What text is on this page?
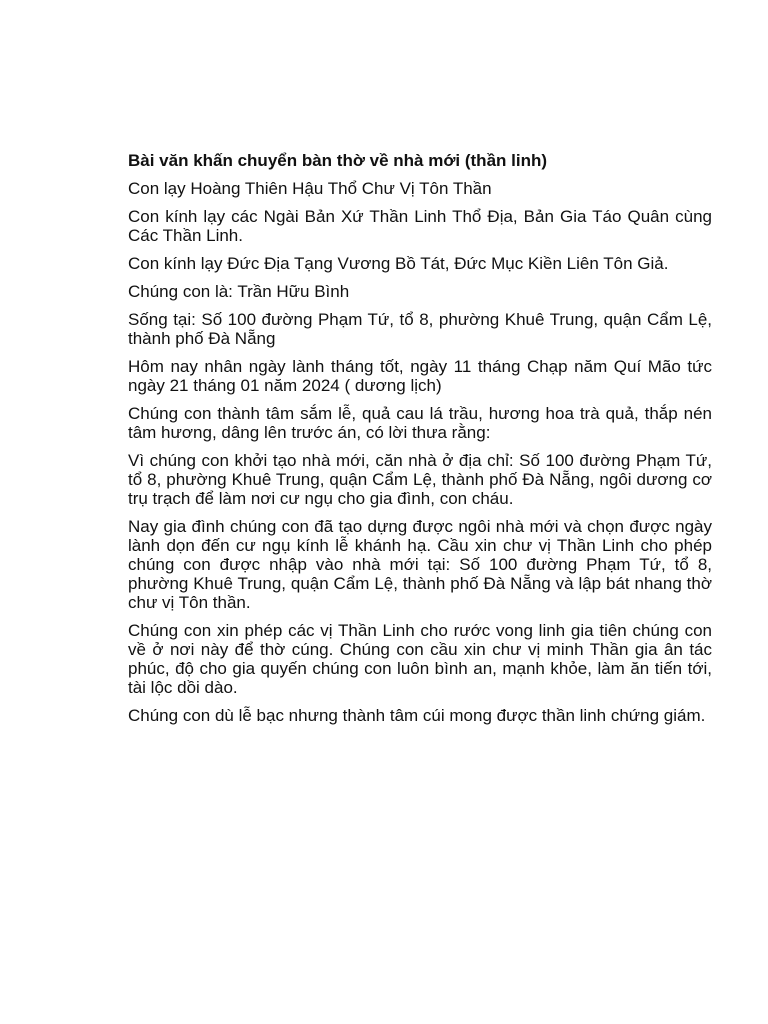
Bài văn khấn chuyển bàn thờ về nhà mới (thần linh)

Con lạy Hoàng Thiên Hậu Thổ Chư Vị Tôn Thần

Con kính lạy các Ngài Bản Xứ Thần Linh Thổ Địa, Bản Gia Táo Quân cùng Các Thần Linh.

Con kính lạy Đức Địa Tạng Vương Bồ Tát, Đức Mục Kiền Liên Tôn Giả.

Chúng con là: Trần Hữu Bình

Sống tại: Số 100 đường Phạm Tứ, tổ 8, phường Khuê Trung, quận Cẩm Lệ, thành phố Đà Nẵng

Hôm nay nhân ngày lành tháng tốt, ngày 11 tháng Chạp năm Quí Mão tức ngày 21 tháng 01 năm 2024 ( dương lịch)

Chúng con thành tâm sắm lễ, quả cau lá trầu, hương hoa trà quả, thắp nén tâm hương, dâng lên trước án, có lời thưa rằng:

Vì chúng con khởi tạo nhà mới, căn nhà ở địa chỉ: Số 100 đường Phạm Tứ, tổ 8, phường Khuê Trung, quận Cẩm Lệ, thành phố Đà Nẵng, ngôi dương cơ trụ trạch để làm nơi cư ngụ cho gia đình, con cháu.

Nay gia đình chúng con đã tạo dựng được ngôi nhà mới và chọn được ngày lành dọn đến cư ngụ kính lễ khánh hạ. Cầu xin chư vị Thần Linh cho phép chúng con được nhập vào nhà mới tại: Số 100 đường Phạm Tứ, tổ 8, phường Khuê Trung, quận Cẩm Lệ, thành phố Đà Nẵng và lập bát nhang thờ chư vị Tôn thần.

Chúng con xin phép các vị Thần Linh cho rước vong linh gia tiên chúng con về ở nơi này để thờ cúng. Chúng con cầu xin chư vị minh Thần gia ân tác phúc, độ cho gia quyến chúng con luôn bình an, mạnh khỏe, làm ăn tiến tới, tài lộc dồi dào.

Chúng con dù lễ bạc nhưng thành tâm cúi mong được thần linh chứng giám.
